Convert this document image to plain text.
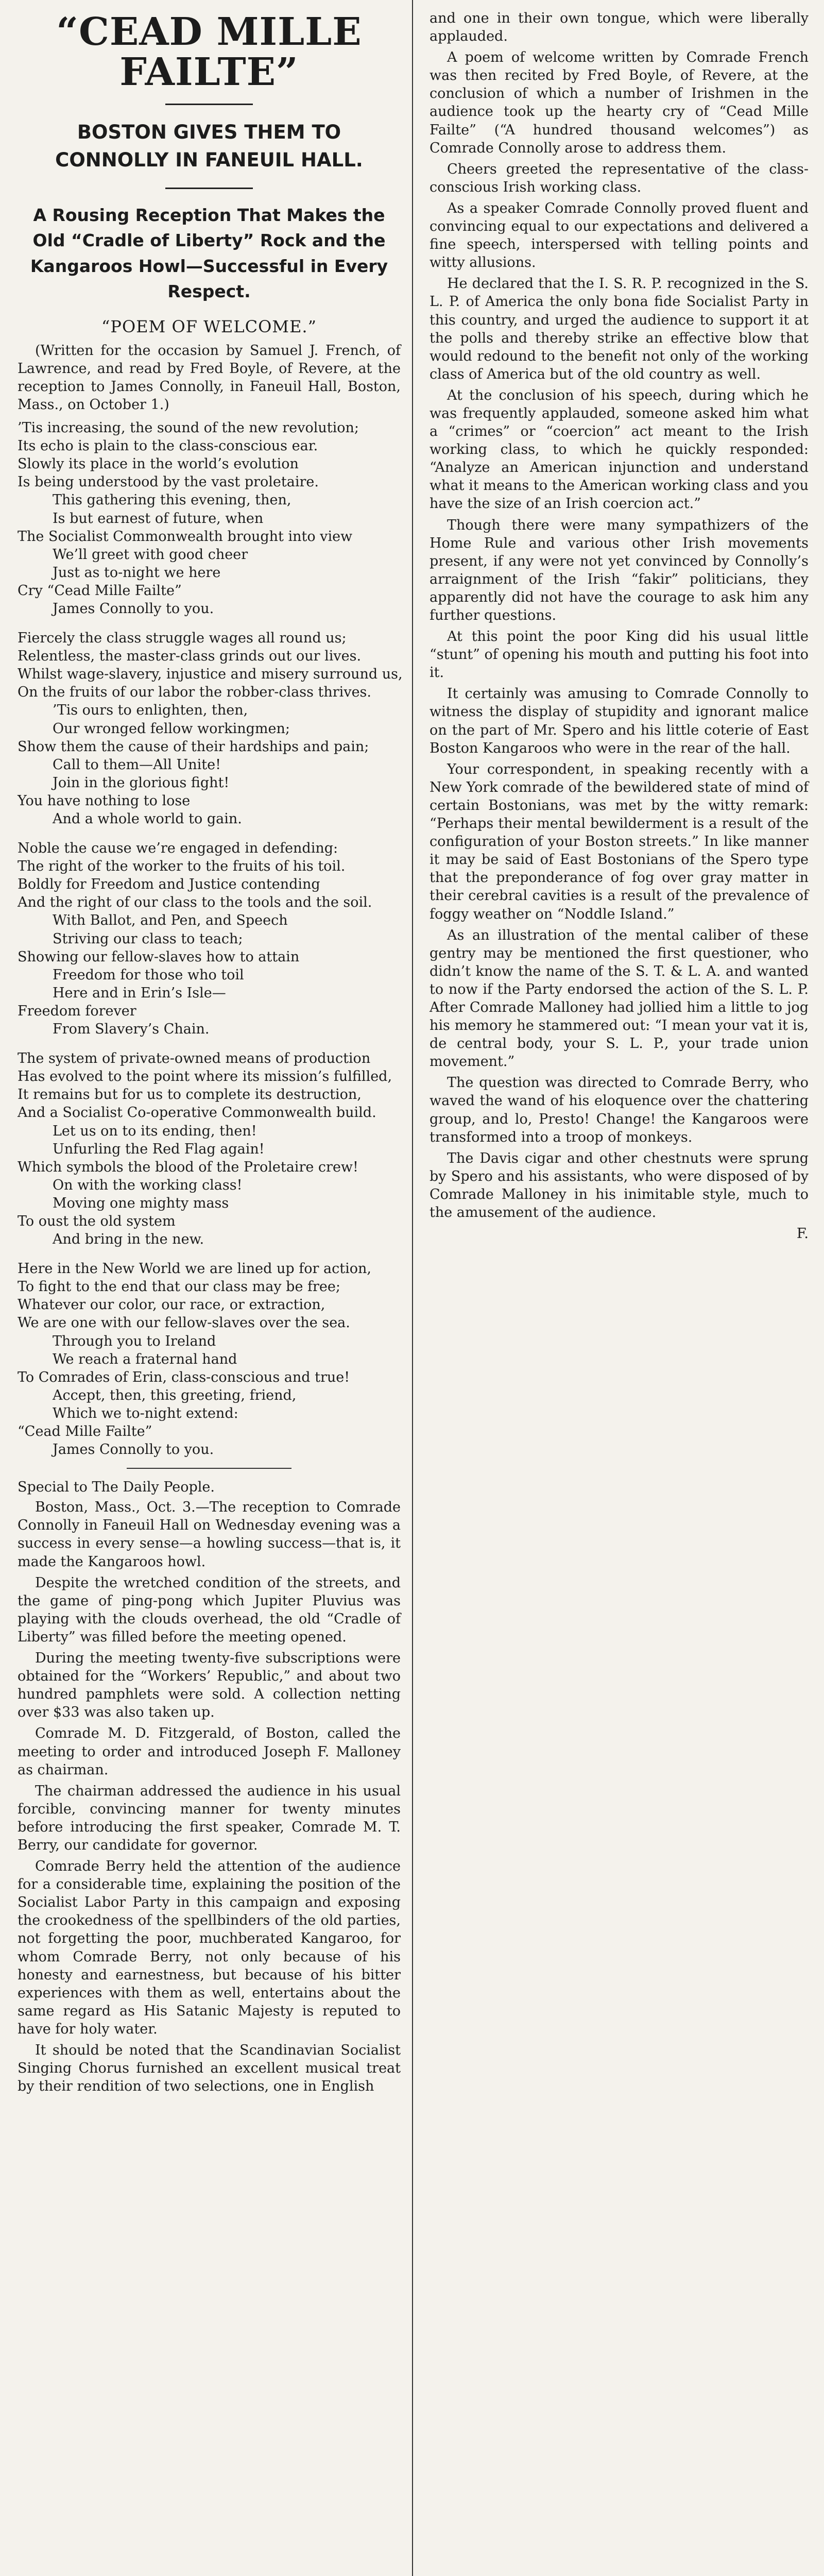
“CEAD MILLE FAILTE”
BOSTON GIVES THEM TO CONNOLLY IN FANEUIL HALL.
A Rousing Reception That Makes the Old “Cradle of Liberty” Rock and the Kangaroos Howl—Successful in Every Respect.
“POEM OF WELCOME.”
(Written for the occasion by Samuel J. French, of Lawrence, and read by Fred Boyle, of Revere, at the reception to James Connolly, in Faneuil Hall, Boston, Mass., on October 1.)
’Tis increasing, the sound of the new revolution;
Its echo is plain to the class-conscious ear.
Slowly its place in the world’s evolution
Is being understood by the vast proletaire.
This gathering this evening, then,
Is but earnest of future, when
The Socialist Commonwealth brought into view
We’ll greet with good cheer
Just as to-night we here
Cry “Cead Mille Failte”
James Connolly to you.
Fiercely the class struggle wages all round us;
Relentless, the master-class grinds out our lives.
Whilst wage-slavery, injustice and misery surround us,
On the fruits of our labor the robber-class thrives.
’Tis ours to enlighten, then,
Our wronged fellow workingmen;
Show them the cause of their hardships and pain;
Call to them—All Unite!
Join in the glorious fight!
You have nothing to lose
And a whole world to gain.
Noble the cause we’re engaged in defending:
The right of the worker to the fruits of his toil.
Boldly for Freedom and Justice contending
And the right of our class to the tools and the soil.
With Ballot, and Pen, and Speech
Striving our class to teach;
Showing our fellow-slaves how to attain
Freedom for those who toil
Here and in Erin’s Isle—
Freedom forever
From Slavery’s Chain.
The system of private-owned means of production
Has evolved to the point where its mission’s fulfilled,
It remains but for us to complete its destruction,
And a Socialist Co-operative Commonwealth build.
Let us on to its ending, then!
Unfurling the Red Flag again!
Which symbols the blood of the Proletaire crew!
On with the working class!
Moving one mighty mass
To oust the old system
And bring in the new.
Here in the New World we are lined up for action,
To fight to the end that our class may be free;
Whatever our color, our race, or extraction,
We are one with our fellow-slaves over the sea.
Through you to Ireland
We reach a fraternal hand
To Comrades of Erin, class-conscious and true!
Accept, then, this greeting, friend,
Which we to-night extend:
“Cead Mille Failte”
James Connolly to you.
Special to The Daily People.

Boston, Mass., Oct. 3.—The reception to Comrade Connolly in Faneuil Hall on Wednesday evening was a success in every sense—a howling success—that is, it made the Kangaroos howl.

Despite the wretched condition of the streets, and the game of ping-pong which Jupiter Pluvius was playing with the clouds overhead, the old “Cradle of Liberty” was filled before the meeting opened.

During the meeting twenty-five subscriptions were obtained for the “Workers’ Republic,” and about two hundred pamphlets were sold. A collection netting over $33 was also taken up.

Comrade M. D. Fitzgerald, of Boston, called the meeting to order and introduced Joseph F. Malloney as chairman.

The chairman addressed the audience in his usual forcible, convincing manner for twenty minutes before introducing the first speaker, Comrade M. T. Berry, our candidate for governor.

Comrade Berry held the attention of the audience for a considerable time, explaining the position of the Socialist Labor Party in this campaign and exposing the crookedness of the spellbinders of the old parties, not forgetting the poor, muchberated Kangaroo, for whom Comrade Berry, not only because of his honesty and earnestness, but because of his bitter experiences with them as well, entertains about the same regard as His Satanic Majesty is reputed to have for holy water.

It should be noted that the Scandinavian Socialist Singing Chorus furnished an excellent musical treat by their rendition of two selections, one in English

and one in their own tongue, which were liberally applauded.

A poem of welcome written by Comrade French was then recited by Fred Boyle, of Revere, at the conclusion of which a number of Irishmen in the audience took up the hearty cry of “Cead Mille Failte” (“A hundred thousand welcomes”) as Comrade Connolly arose to address them.

Cheers greeted the representative of the class-conscious Irish working class.

As a speaker Comrade Connolly proved fluent and convincing equal to our expectations and delivered a fine speech, interspersed with telling points and witty allusions.

He declared that the I. S. R. P. recognized in the S. L. P. of America the only bona fide Socialist Party in this country, and urged the audience to support it at the polls and thereby strike an effective blow that would redound to the benefit not only of the working class of America but of the old country as well.

At the conclusion of his speech, during which he was frequently applauded, someone asked him what a “crimes” or “coercion” act meant to the Irish working class, to which he quickly responded: “Analyze an American injunction and understand what it means to the American working class and you have the size of an Irish coercion act.”

Though there were many sympathizers of the Home Rule and various other Irish movements present, if any were not yet convinced by Connolly’s arraignment of the Irish “fakir” politicians, they apparently did not have the courage to ask him any further questions.

At this point the poor King did his usual little “stunt” of opening his mouth and putting his foot into it.

It certainly was amusing to Comrade Connolly to witness the display of stupidity and ignorant malice on the part of Mr. Spero and his little coterie of East Boston Kangaroos who were in the rear of the hall.

Your correspondent, in speaking recently with a New York comrade of the bewildered state of mind of certain Bostonians, was met by the witty remark: “Perhaps their mental bewilderment is a result of the configuration of your Boston streets.” In like manner it may be said of East Bostonians of the Spero type that the preponderance of fog over gray matter in their cerebral cavities is a result of the prevalence of foggy weather on “Noddle Island.”

As an illustration of the mental caliber of these gentry may be mentioned the first questioner, who didn’t know the name of the S. T. & L. A. and wanted to now if the Party endorsed the action of the S. L. P. After Comrade Malloney had jollied him a little to jog his memory he stammered out: “I mean your vat it is, de central body, your S. L. P., your trade union movement.”

The question was directed to Comrade Berry, who waved the wand of his eloquence over the chattering group, and lo, Presto! Change! the Kangaroos were transformed into a troop of monkeys.

The Davis cigar and other chestnuts were sprung by Spero and his assistants, who were disposed of by Comrade Malloney in his inimitable style, much to the amusement of the audience.

F.
